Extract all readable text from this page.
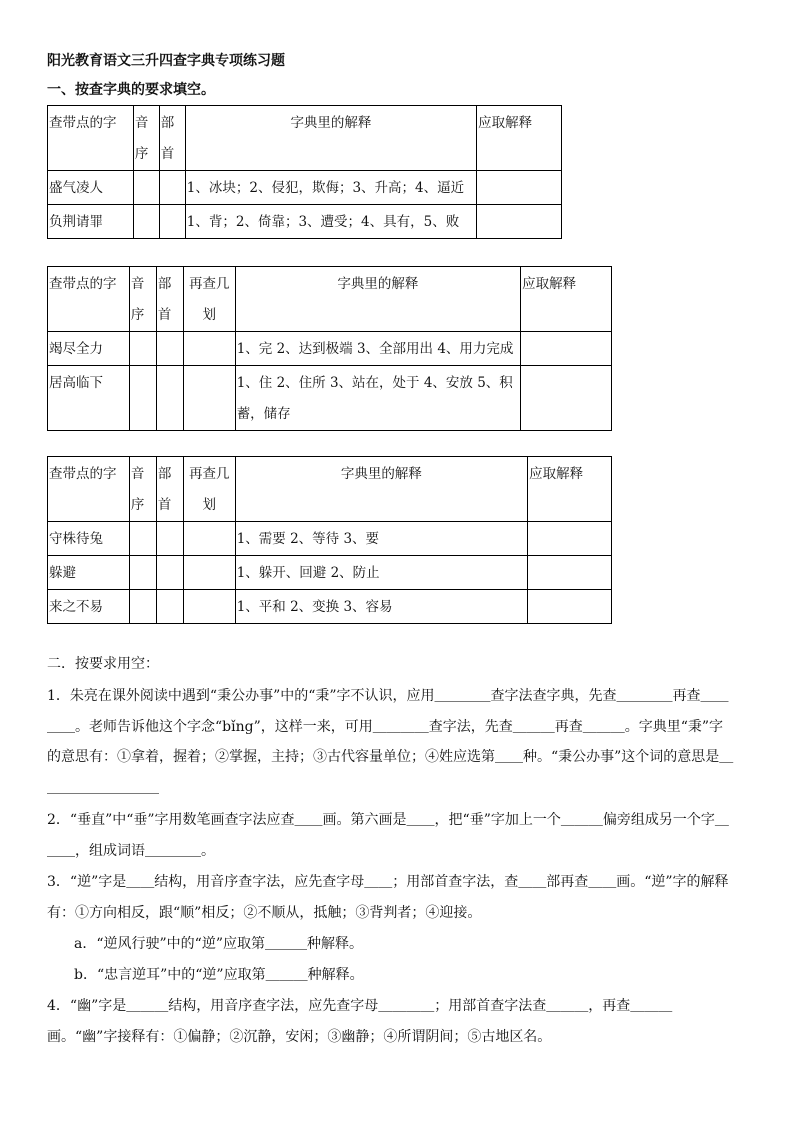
阳光教育语文三升四查字典专项练习题
一、按查字典的要求填空。
查带点的字	音序	部首	字典里的解释	应取解释
盛气凌人			1、冰块；2、侵犯，欺侮；3、升高；4、逼近	
负荆请罪			1、背；2、倚靠；3、遭受；4、具有，5、败	
查带点的字	音序	部首	再查几划	字典里的解释	应取解释
竭尽全力				1、完 2、达到极端 3、全部用出 4、用力完成	
居高临下				1、住 2、住所 3、站在，处于 4、安放 5、积蓄，储存	
查带点的字	音序	部首	再查几划	字典里的解释	应取解释
守株待兔				1、需要 2、等待 3、要	
躲避				1、躲开、回避 2、防止	
来之不易				1、平和 2、变换 3、容易	
二．按要求用空：
1．朱亮在课外阅读中遇到“秉公办事”中的“秉”字不认识，应用＿＿＿＿查字法查字典，先查＿＿＿＿再查＿＿＿＿。老师告诉他这个字念“bǐng”，这样一来，可用＿＿＿＿查字法，先查＿＿＿再查＿＿＿。字典里“秉”字的意思有：①拿着，握着；②掌握，主持；③古代容量单位；④姓应选第＿＿种。“秉公办事”这个词的意思是＿＿＿＿＿＿＿＿＿
2．“垂直”中“垂”字用数笔画查字法应查＿＿画。第六画是＿＿，把“垂”字加上一个＿＿＿偏旁组成另一个字＿＿＿，组成词语＿＿＿＿。
3．“逆”字是＿＿结构，用音序查字法，应先查字母＿＿；用部首查字法，查＿＿部再查＿＿画。“逆”字的解释有：①方向相反，跟“顺”相反；②不顺从，抵触；③背判者；④迎接。
a．“逆风行驶”中的“逆”应取第＿＿＿种解释。
b．“忠言逆耳”中的“逆”应取第＿＿＿种解释。
4．“幽”字是＿＿＿结构，用音序查字法，应先查字母＿＿＿＿；用部首查字法查＿＿＿，再查＿＿＿画。“幽”字接释有：①偏静；②沉静，安闲；③幽静；④所谓阴间；⑤古地区名。
